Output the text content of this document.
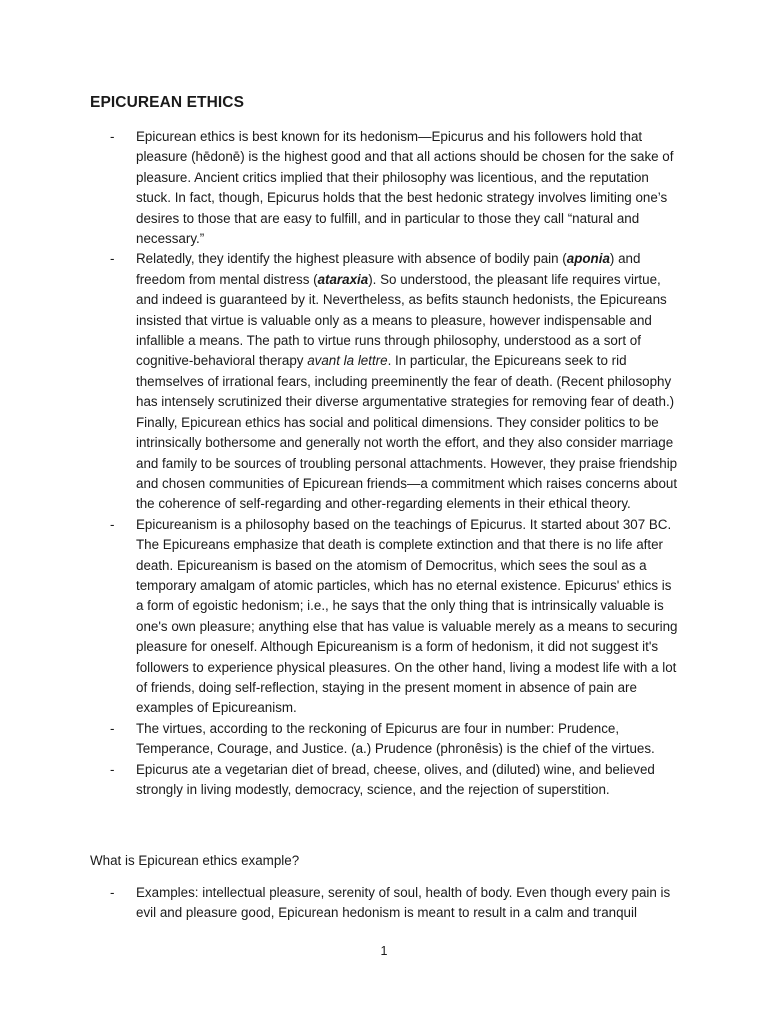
EPICUREAN ETHICS
- Epicurean ethics is best known for its hedonism—Epicurus and his followers hold that pleasure (hēdonē) is the highest good and that all actions should be chosen for the sake of pleasure. Ancient critics implied that their philosophy was licentious, and the reputation stuck. In fact, though, Epicurus holds that the best hedonic strategy involves limiting one’s desires to those that are easy to fulfill, and in particular to those they call “natural and necessary.”
- Relatedly, they identify the highest pleasure with absence of bodily pain (aponia) and freedom from mental distress (ataraxia). So understood, the pleasant life requires virtue, and indeed is guaranteed by it. Nevertheless, as befits staunch hedonists, the Epicureans insisted that virtue is valuable only as a means to pleasure, however indispensable and infallible a means. The path to virtue runs through philosophy, understood as a sort of cognitive-behavioral therapy avant la lettre. In particular, the Epicureans seek to rid themselves of irrational fears, including preeminently the fear of death. (Recent philosophy has intensely scrutinized their diverse argumentative strategies for removing fear of death.) Finally, Epicurean ethics has social and political dimensions. They consider politics to be intrinsically bothersome and generally not worth the effort, and they also consider marriage and family to be sources of troubling personal attachments. However, they praise friendship and chosen communities of Epicurean friends—a commitment which raises concerns about the coherence of self-regarding and other-regarding elements in their ethical theory.
- Epicureanism is a philosophy based on the teachings of Epicurus. It started about 307 BC. The Epicureans emphasize that death is complete extinction and that there is no life after death. Epicureanism is based on the atomism of Democritus, which sees the soul as a temporary amalgam of atomic particles, which has no eternal existence. Epicurus' ethics is a form of egoistic hedonism; i.e., he says that the only thing that is intrinsically valuable is one's own pleasure; anything else that has value is valuable merely as a means to securing pleasure for oneself. Although Epicureanism is a form of hedonism, it did not suggest it's followers to experience physical pleasures. On the other hand, living a modest life with a lot of friends, doing self-reflection, staying in the present moment in absence of pain are examples of Epicureanism.
- The virtues, according to the reckoning of Epicurus are four in number: Prudence, Temperance, Courage, and Justice. (a.) Prudence (phronêsis) is the chief of the virtues.
- Epicurus ate a vegetarian diet of bread, cheese, olives, and (diluted) wine, and believed strongly in living modestly, democracy, science, and the rejection of superstition.

What is Epicurean ethics example?

- Examples: intellectual pleasure, serenity of soul, health of body. Even though every pain is evil and pleasure good, Epicurean hedonism is meant to result in a calm and tranquil
1
